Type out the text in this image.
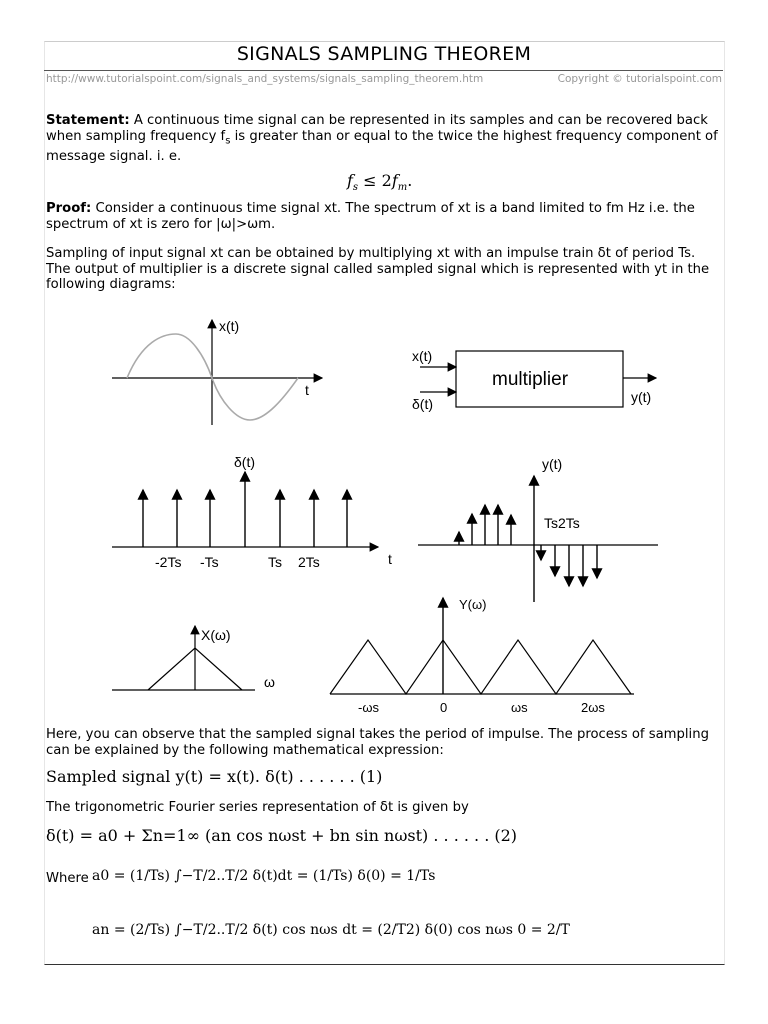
SIGNALS SAMPLING THEOREM
http://www.tutorialspoint.com/signals_and_systems/signals_sampling_theorem.htm	Copyright © tutorialspoint.com
Statement: A continuous time signal can be represented in its samples and can be recovered back when sampling frequency $f_s$ is greater than or equal to the twice the highest frequency component of message signal. i. e.
$f_s \le 2f_m$.
Proof: Consider a continuous time signal xt. The spectrum of xt is a band limited to fm Hz i.e. the spectrum of xt is zero for |ω|>ωm.
Sampling of input signal xt can be obtained by multiplying xt with an impulse train δt of period Ts. The output of multiplier is a discrete signal called sampled signal which is represented with yt in the following diagrams:
x(t)
t
x(t)
δ(t)
multiplier
y(t)
δ(t)
-2Ts -Ts	Ts 2Ts	t
y(t)
Ts2Ts
X(ω)
ω
Y(ω)
-ωs	0	ωs	2ωs
Here, you can observe that the sampled signal takes the period of impulse. The process of sampling can be explained by the following mathematical expression:
Sampled signal y(t) = x(t). δ(t) . . . . . . (1)
The trigonometric Fourier series representation of δt is given by
δ(t) = a0 + Σn=1∞ (an cos nωst + bn sin nωst) . . . . . . (2)
Where a0 = (1/Ts) ∫−T/2..T/2 δ(t)dt = (1/Ts) δ(0) = 1/Ts
an = (2/Ts) ∫−T/2..T/2 δ(t) cos nωs dt = (2/T2) δ(0) cos nωs 0 = 2/T
